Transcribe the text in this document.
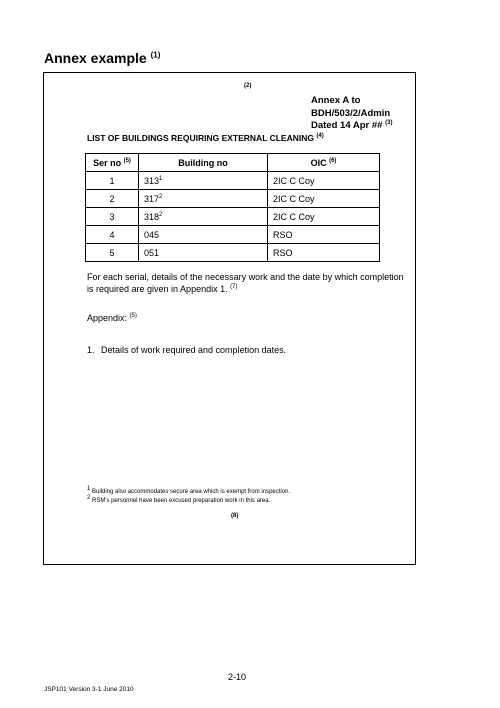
Annex example $^{(1)}$
(2)
Annex A to
BDH/503/2/Admin
Dated 14 Apr ## $^{(3)}$
LIST OF BUILDINGS REQUIRING EXTERNAL CLEANING $^{(4)}$
Ser no $^{(5)}$	Building no	OIC $^{(6)}$
1	$313^1$	2IC C Coy
2	$317^2$	2IC C Coy
3	$318^2$	2IC C Coy
4	045	RSO
5	051	RSO
For each serial, details of the necessary work and the date by which completion is required are given in Appendix 1. $^{(7)}$
Appendix: $^{(5)}$
1. Details of work required and completion dates.
$^1$ Building also accommodates secure area which is exempt from inspection.
$^2$ RSM's personnel have been excused preparation work in this area.
(8)
2-10
JSP101 Version 3-1 June 2010
